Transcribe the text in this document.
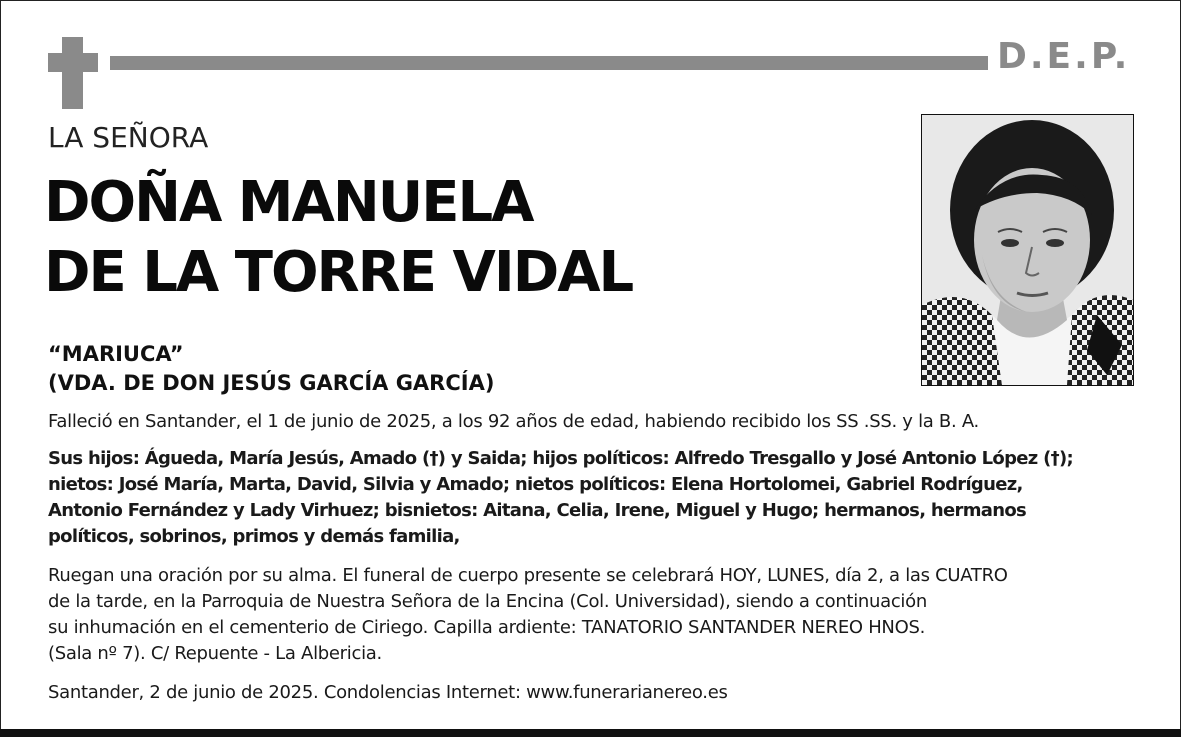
D.E.P.
LA SEÑORA
DOÑA MANUELA
DE LA TORRE VIDAL
“MARIUCA”
(VDA. DE DON JESÚS GARCÍA GARCÍA)
Falleció en Santander, el 1 de junio de 2025, a los 92 años de edad, habiendo recibido los SS .SS. y la B. A.
Sus hijos: Águeda, María Jesús, Amado (†) y Saida; hijos políticos: Alfredo Tresgallo y José Antonio López (†);
nietos: José María, Marta, David, Silvia y Amado; nietos políticos: Elena Hortolomei, Gabriel Rodríguez,
Antonio Fernández y Lady Virhuez; bisnietos: Aitana, Celia, Irene, Miguel y Hugo; hermanos, hermanos
políticos, sobrinos, primos y demás familia,
Ruegan una oración por su alma. El funeral de cuerpo presente se celebrará HOY, LUNES, día 2, a las CUATRO
de la tarde, en la Parroquia de Nuestra Señora de la Encina (Col. Universidad), siendo a continuación
su inhumación en el cementerio de Ciriego. Capilla ardiente: TANATORIO SANTANDER NEREO HNOS.
(Sala nº 7). C/ Repuente - La Albericia.
Santander, 2 de junio de 2025. Condolencias Internet: www.funerarianereo.es
